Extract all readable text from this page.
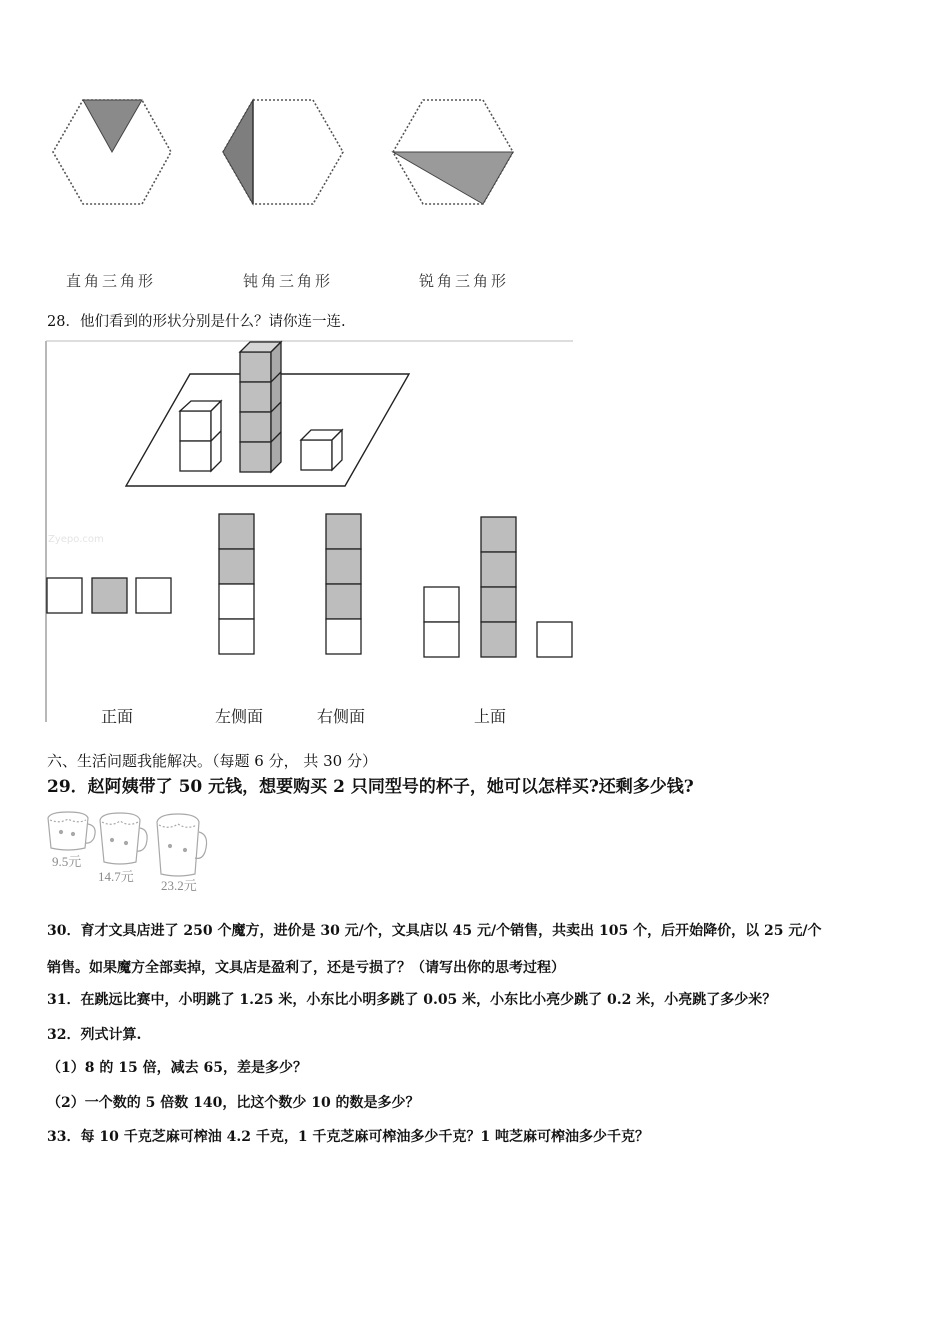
直角三角形	钝角三角形	锐角三角形
28．他们看到的形状分别是什么？请你连一连.
Zyepo.com
正面	左侧面	右侧面	上面
六、生活问题我能解决。（每题 6 分， 共 30 分）
29．赵阿姨带了 50 元钱，想要购买 2 只同型号的杯子，她可以怎样买?还剩多少钱?
9.5元
14.7元
23.2元
30．育才文具店进了 250 个魔方，进价是 30 元/个，文具店以 45 元/个销售，共卖出 105 个，后开始降价，以 25 元/个
销售。如果魔方全部卖掉，文具店是盈利了，还是亏损了？（请写出你的思考过程）
31．在跳远比赛中，小明跳了 1.25 米，小东比小明多跳了 0.05 米，小东比小亮少跳了 0.2 米，小亮跳了多少米？
32．列式计算.
（1）8 的 15 倍，减去 65，差是多少？
（2）一个数的 5 倍数 140，比这个数少 10 的数是多少？
33．每 10 千克芝麻可榨油 4.2 千克，1 千克芝麻可榨油多少千克？1 吨芝麻可榨油多少千克？
